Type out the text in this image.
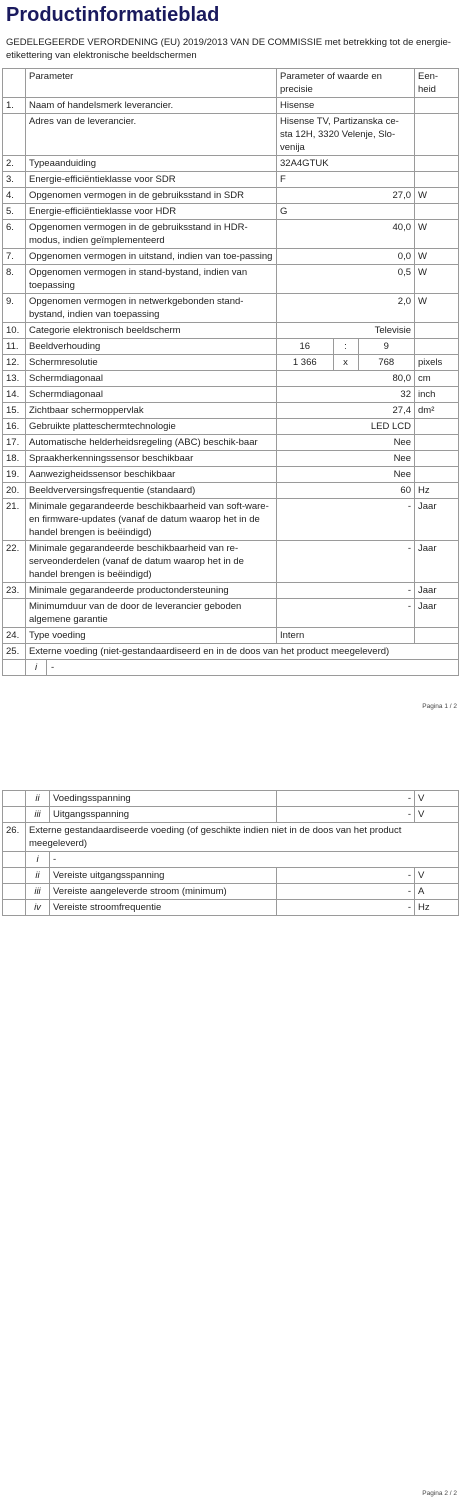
Productinformatieblad
GEDELEGEERDE VERORDENING (EU) 2019/2013 VAN DE COMMISSIE met betrekking tot de energie-etikettering van elektronische beeldschermen
	Parameter	Parameter of waarde en precisie	Een-heid
1.	Naam of handelsmerk leverancier.	Hisense	
	Adres van de leverancier.	Hisense TV, Partizanska ce-sta 12H, 3320 Velenje, Slo-venija	
2.	Typeaanduiding	32A4GTUK	
3.	Energie-efficiëntieklasse voor SDR	F	
4.	Opgenomen vermogen in de gebruiksstand in SDR	27,0	W
5.	Energie-efficiëntieklasse voor HDR	G	
6.	Opgenomen vermogen in de gebruiksstand in HDR-modus, indien geïmplementeerd	40,0	W
7.	Opgenomen vermogen in uitstand, indien van toe-passing	0,0	W
8.	Opgenomen vermogen in stand-bystand, indien van toepassing	0,5	W
9.	Opgenomen vermogen in netwerkgebonden stand-bystand, indien van toepassing	2,0	W
10.	Categorie elektronisch beeldscherm	Televisie	
11.	Beeldverhouding	16 : 9	

12.	Schermresolutie	1 366 x 768	pixels
13.	Schermdiagonaal	80,0	cm
14.	Schermdiagonaal	32	inch
15.	Zichtbaar schermoppervlak	27,4	dm²
16.	Gebruikte platteschermtechnologie	LED LCD	
17.	Automatische helderheidsregeling (ABC) beschik-baar	Nee	
18.	Spraakherkenningssensor beschikbaar	Nee	
19.	Aanwezigheidssensor beschikbaar	Nee	
20.	Beeldverversingsfrequentie (standaard)	60	Hz
21.	Minimale gegarandeerde beschikbaarheid van soft-ware- en firmware-updates (vanaf de datum waarop het in de handel brengen is beëindigd)	-	Jaar
22.	Minimale gegarandeerde beschikbaarheid van re-serveonderdelen (vanaf de datum waarop het in de handel brengen is beëindigd)	-	Jaar
23.	Minimale gegarandeerde productondersteuning	-	Jaar
	Minimumduur van de door de leverancier geboden algemene garantie	-	Jaar
24.	Type voeding	Intern	
25.	Externe voeding (niet-gestandaardiseerd en in de doos van het product meegeleverd)		

	i -		
Pagina 1 / 2
	ii	Voedingsspanning	-	V
	iii	Uitgangsspanning	-	V
26.	Externe gestandaardiseerde voeding (of geschikte indien niet in de doos van het product meegeleverd)			
	i	-		
	ii	Vereiste uitgangsspanning	-	V
	iii	Vereiste aangeleverde stroom (minimum)	-	A
	iv	Vereiste stroomfrequentie	-	Hz
Pagina 2 / 2
